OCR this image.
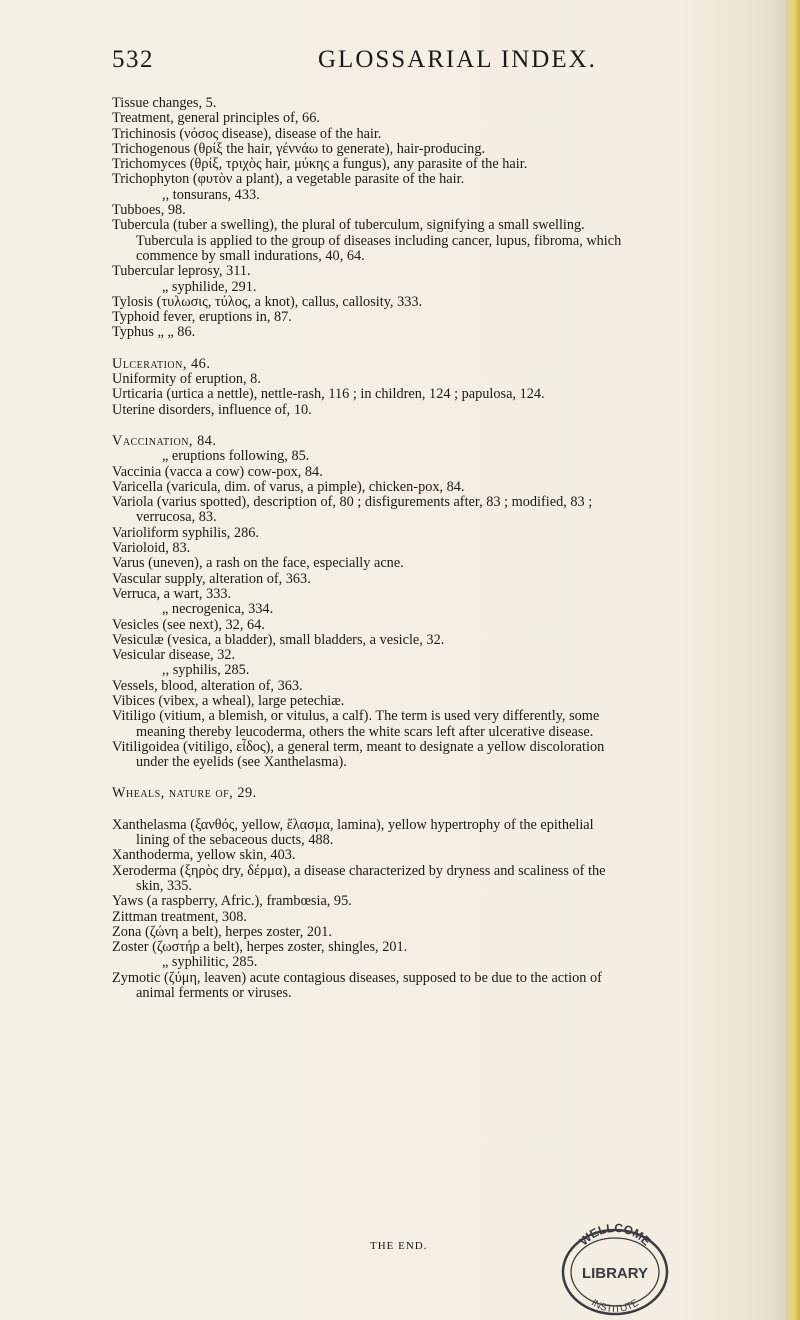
532	GLOSSARIAL INDEX.
Tissue changes, 5.
Treatment, general principles of, 66.
Trichinosis (νόσος disease), disease of the hair.
Trichogenous (θρίξ the hair, γέννάω to generate), hair-producing.
Trichomyces (θρίξ, τριχὸς hair, μύκης a fungus), any parasite of the hair.
Trichophyton (φυτὸν a plant), a vegetable parasite of the hair.
,, tonsurans, 433.
Tubboes, 98.
Tubercula (tuber a swelling), the plural of tuberculum, signifying a small swelling.
Tubercula is applied to the group of diseases including cancer, lupus, fibroma, which
commence by small indurations, 40, 64.
Tubercular leprosy, 311.
„ syphilide, 291.
Tylosis (τυλωσις, τύλος, a knot), callus, callosity, 333.
Typhoid fever, eruptions in, 87.
Typhus „ „ 86.
Ulceration, 46.
Uniformity of eruption, 8.
Urticaria (urtica a nettle), nettle-rash, 116 ; in children, 124 ; papulosa, 124.
Uterine disorders, influence of, 10.
Vaccination, 84.
„ eruptions following, 85.
Vaccinia (vacca a cow) cow-pox, 84.
Varicella (varicula, dim. of varus, a pimple), chicken-pox, 84.
Variola (varius spotted), description of, 80 ; disfigurements after, 83 ; modified, 83 ;
verrucosa, 83.
Varioliform syphilis, 286.
Varioloid, 83.
Varus (uneven), a rash on the face, especially acne.
Vascular supply, alteration of, 363.
Verruca, a wart, 333.
„ necrogenica, 334.
Vesicles (see next), 32, 64.
Vesiculæ (vesica, a bladder), small bladders, a vesicle, 32.
Vesicular disease, 32.
,, syphilis, 285.
Vessels, blood, alteration of, 363.
Vibices (vibex, a wheal), large petechiæ.
Vitiligo (vitium, a blemish, or vitulus, a calf). The term is used very differently, some
meaning thereby leucoderma, others the white scars left after ulcerative disease.
Vitiligoidea (vitiligo, εἶδος), a general term, meant to designate a yellow discoloration
under the eyelids (see Xanthelasma).
Wheals, nature of, 29.
Xanthelasma (ξανθός, yellow, ἔλασμα, lamina), yellow hypertrophy of the epithelial
lining of the sebaceous ducts, 488.
Xanthoderma, yellow skin, 403.
Xeroderma (ξηρὸς dry, δέρμα), a disease characterized by dryness and scaliness of the
skin, 335.
Yaws (a raspberry, Afric.), frambœsia, 95.
Zittman treatment, 308.
Zona (ζώνη a belt), herpes zoster, 201.
Zoster (ζωστήρ a belt), herpes zoster, shingles, 201.
„ syphilitic, 285.
Zymotic (ζύμη, leaven) acute contagious diseases, supposed to be due to the action of
animal ferments or viruses.
THE END.	WELLCOME
LIBRARY
INSTITUTE
